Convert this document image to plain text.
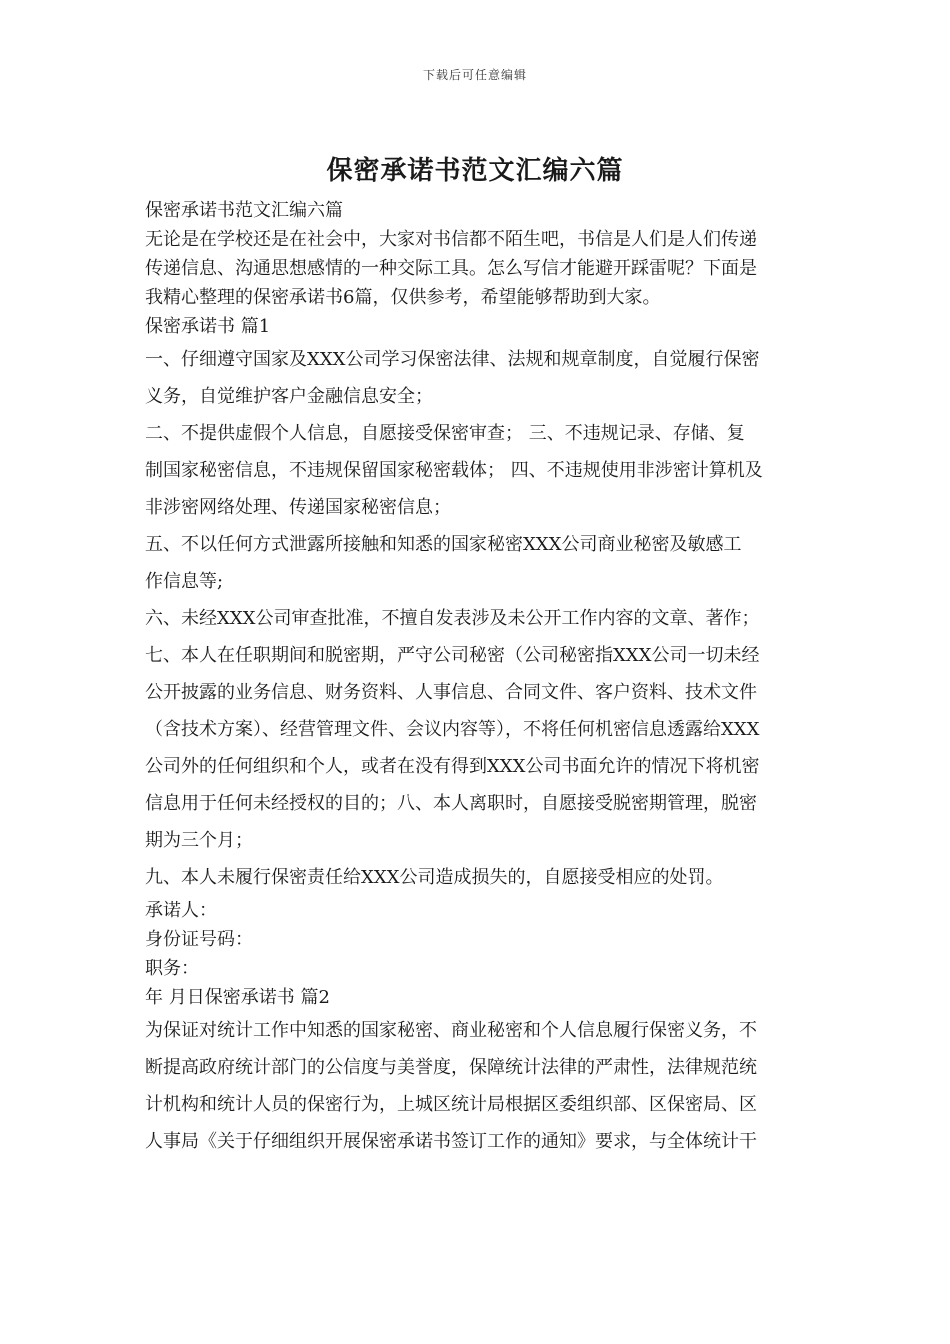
下载后可任意编辑
保密承诺书范文汇编六篇

保密承诺书范文汇编六篇

无论是在学校还是在社会中，大家对书信都不陌生吧，书信是人们是人们传递

传递信息、沟通思想感情的一种交际工具。怎么写信才能避开踩雷呢？下面是

我精心整理的保密承诺书6篇，仅供参考，希望能够帮助到大家。

保密承诺书 篇1

一、仔细遵守国家及XXX公司学习保密法律、法规和规章制度，自觉履行保密

义务，自觉维护客户金融信息安全；

二、不提供虚假个人信息，自愿接受保密审查； 三、不违规记录、存储、复

制国家秘密信息，不违规保留国家秘密载体； 四、不违规使用非涉密计算机及

非涉密网络处理、传递国家秘密信息；

五、不以任何方式泄露所接触和知悉的国家秘密XXX公司商业秘密及敏感工

作信息等;

六、未经XXX公司审查批准，不擅自发表涉及未公开工作内容的文章、著作；

七、本人在任职期间和脱密期，严守公司秘密（公司秘密指XXX公司一切未经

公开披露的业务信息、财务资料、人事信息、合同文件、客户资料、技术文件

（含技术方案）、经营管理文件、会议内容等），不将任何机密信息透露给XXX

公司外的任何组织和个人，或者在没有得到XXX公司书面允许的情况下将机密

信息用于任何未经授权的目的；八、本人离职时，自愿接受脱密期管理，脱密

期为三个月；

九、本人未履行保密责任给XXX公司造成损失的，自愿接受相应的处罚。

承诺人：

身份证号码：

职务：

年 月日保密承诺书 篇2

为保证对统计工作中知悉的国家秘密、商业秘密和个人信息履行保密义务，不

断提高政府统计部门的公信度与美誉度，保障统计法律的严肃性，法律规范统

计机构和统计人员的保密行为，上城区统计局根据区委组织部、区保密局、区

人事局《关于仔细组织开展保密承诺书签订工作的通知》要求，与全体统计干
